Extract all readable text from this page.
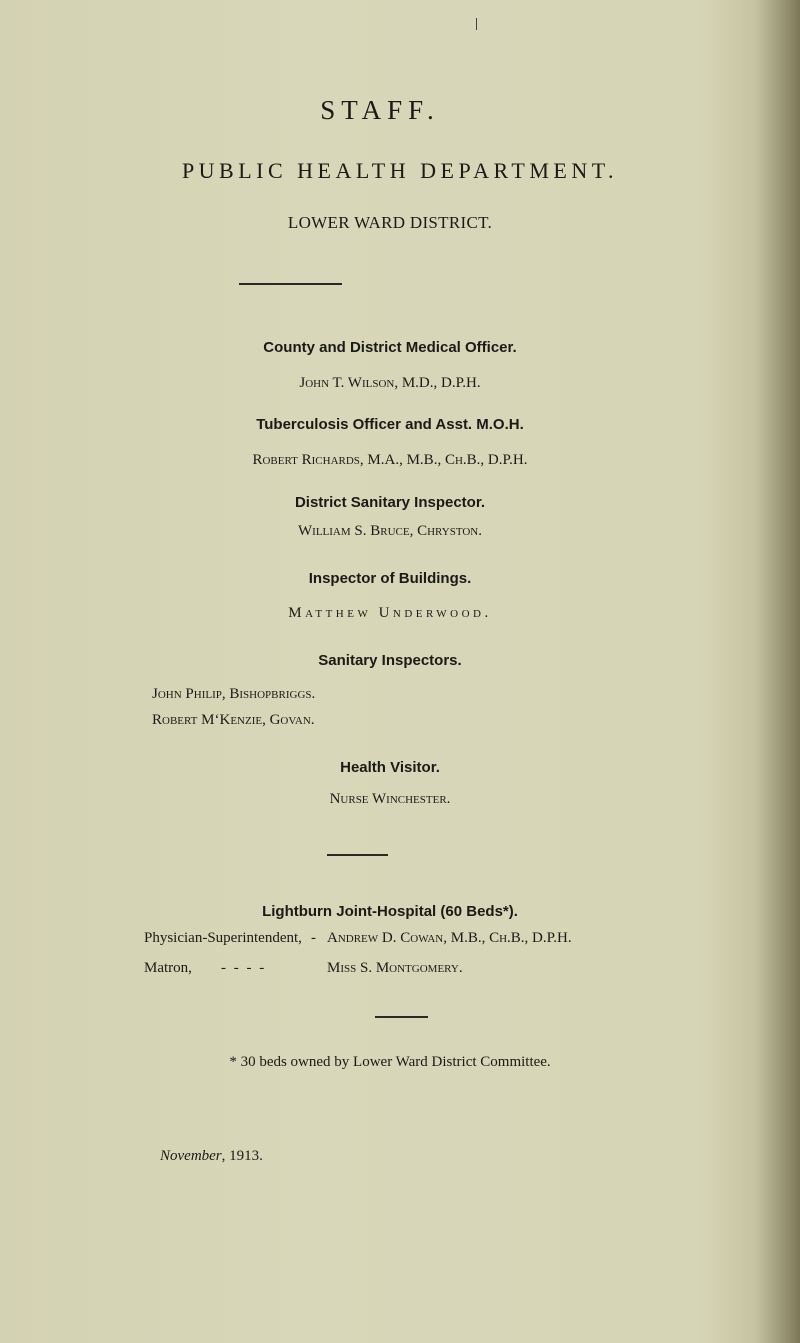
STAFF.
PUBLIC HEALTH DEPARTMENT.
LOWER WARD DISTRICT.
County and District Medical Officer.
John T. Wilson, M.D., D.P.H.
Tuberculosis Officer and Asst. M.O.H.
Robert Richards, M.A., M.B., Ch.B., D.P.H.
District Sanitary Inspector.
William S. Bruce, Chryston.
Inspector of Buildings.
Matthew Underwood.
Sanitary Inspectors.
John Philip, Bishopbriggs.
Robert M‘Kenzie, Govan.
Health Visitor.
Nurse Winchester.
Lightburn Joint-Hospital (60 Beds*).
Physician-Superintendent, - Andrew D. Cowan, M.B., Ch.B., D.P.H.
Matron, - - - -	Miss S. Montgomery.
* 30 beds owned by Lower Ward District Committee.
November, 1913.
